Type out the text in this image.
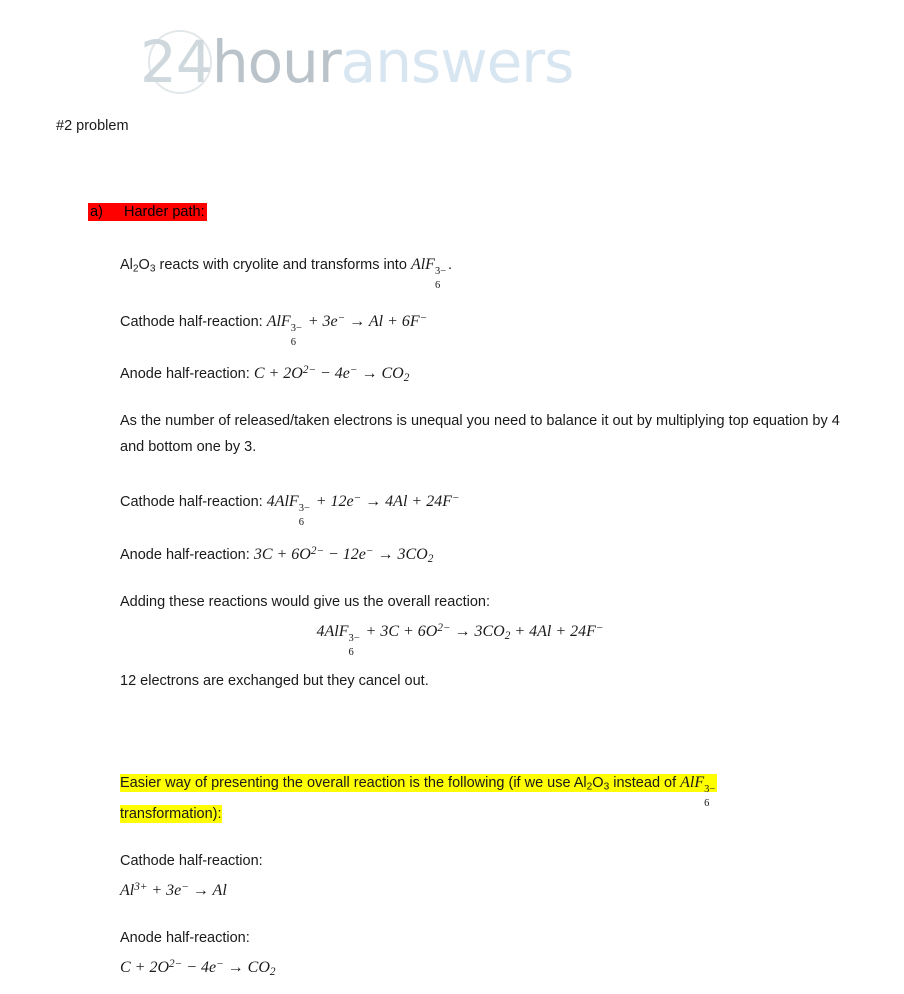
24houranswers
#2 problem
a) Harder path:
$Al_2O_3$ reacts with cryolite and transforms into AlF 3−
6
.
Cathode half-reaction: AlF 3−
6
+ 3e− → Al + 6F−
Anode half-reaction: $C + 2O^{2-} - 4e^- \to CO_2$
As the number of released/taken electrons is unequal you need to balance it out by multiplying top equation by 4 and bottom one by 3.
Cathode half-reaction: 4AlF 3−
6
+ 12e− → 4Al + 24F−
Anode half-reaction: $3C + 6O^{2-} - 12e^- \to 3CO_2$
Adding these reactions would give us the overall reaction:
4AlF 3−
6
+ $3C + 6O^{2-} \to 3CO_2 + 4Al + 24F^-$
12 electrons are exchanged but they cancel out.
Easier way of presenting the overall reaction is the following (if we use $Al_2O_3$ instead of AlF 3−
6

transformation):
Cathode half-reaction:
$Al^{3+} + 3e^- \to Al$
Anode half-reaction:
$C + 2O^{2-} - 4e^- \to CO_2$
